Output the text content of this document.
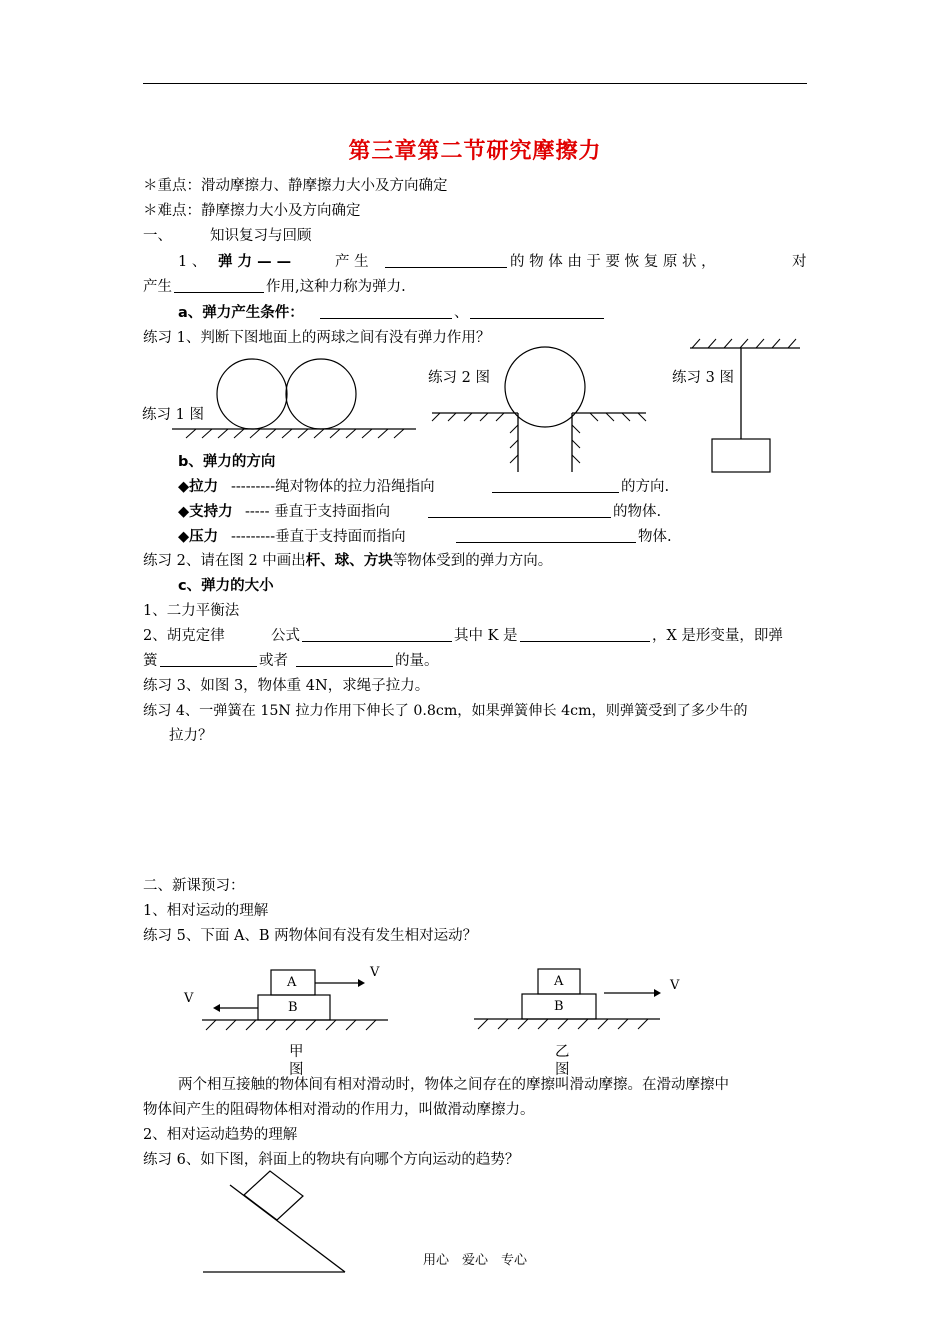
第三章第二节研究摩擦力
＊重点：滑动摩擦力、静摩擦力大小及方向确定
＊难点：静摩擦力大小及方向确定
一、	知识复习与回顾
1 、 弹 力 — —	产 生	的 物 体 由 于 要 恢 复 原 状 ，	对
产生	作用,这种力称为弹力.
a、弹力产生条件：	、
练习 1、判断下图地面上的两球之间有没有弹力作用？
练习 1 图
练习 2 图	练习 3 图
b、弹力的方向
◆拉力 ---------绳对物体的拉力沿绳指向	的方向.
◆支持力 ----- 垂直于支持面指向	的物体.
◆压力 ---------垂直于支持面而指向	物体.
练习 2、请在图 2 中画出杆、球、方块等物体受到的弹力方向。
c、弹力的大小
1、二力平衡法
2、胡克定律	公式	其中 K 是	，X 是形变量，即弹
簧	或者	的量。
练习 3、如图 3，物体重 4N，求绳子拉力。
练习 4、一弹簧在 15N 拉力作用下伸长了 0.8cm，如果弹簧伸长 4cm，则弹簧受到了多少牛的
拉力？
二、新课预习：
1、相对运动的理解
练习 5、下面 A、B 两物体间有没有发生相对运动？
A
B
V
V
甲
图
A
B
V
乙
图
两个相互接触的物体间有相对滑动时，物体之间存在的摩擦叫滑动摩擦。在滑动摩擦中
物体间产生的阻碍物体相对滑动的作用力，叫做滑动摩擦力。
2、相对运动趋势的理解
练习 6、如下图，斜面上的物块有向哪个方向运动的趋势？
用心　爱心　专心
